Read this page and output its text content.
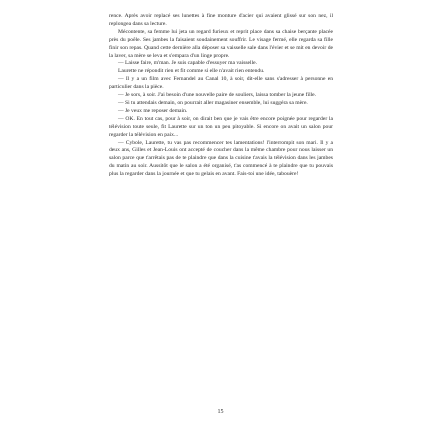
rence. Après avoir replacé ses lunettes à fine monture d'acier qui avaient glissé sur son nez, il replongea dans sa lecture.

Mécontente, sa femme lui jeta un regard furieux et reprit place dans sa chaise berçante placée près du poêle. Ses jambes la faisaient soudainement souffrir. Le visage fermé, elle regarda sa fille finir son repas. Quand cette dernière alla déposer sa vaisselle sale dans l'évier et se mit en devoir de la laver, sa mère se leva et s'empara d'un linge propre.

— Laisse faire, m'man. Je suis capable d'essuyer ma vaisselle.

Laurette ne répondit rien et fit comme si elle n'avait rien entendu.

— Il y a un film avec Fernandel au Canal 10, à soir, dit-elle sans s'adresser à personne en particulier dans la pièce.

— Je sors, à soir. J'ai besoin d'une nouvelle paire de souliers, laissa tomber la jeune fille.

— Si tu attendais demain, on pourrait aller magasiner ensemble, lui suggéra sa mère.

— Je veux me reposer demain.

— OK. En tout cas, pour à soir, on dirait ben que je vais être encore poignée pour regarder la télévision toute seule, fit Laurette sur un ton un peu pitoyable. Si encore on avait un salon pour regarder la télévision en paix...

— Cybole, Laurette, tu vas pas recommencer tes lamentations! l'interrompit son mari. Il y a deux ans, Gilles et Jean-Louis ont accepté de coucher dans la même chambre pour nous laisser un salon parce que t'arrêtais pas de te plaindre que dans la cuisine t'avais la télévision dans les jambes du matin au soir. Aussitôt que le salon a été organisé, t'as commencé à te plaindre que tu pouvais plus la regarder dans la journée et que tu gelais en avant. Fais-toi une idée, tabouère!

15
